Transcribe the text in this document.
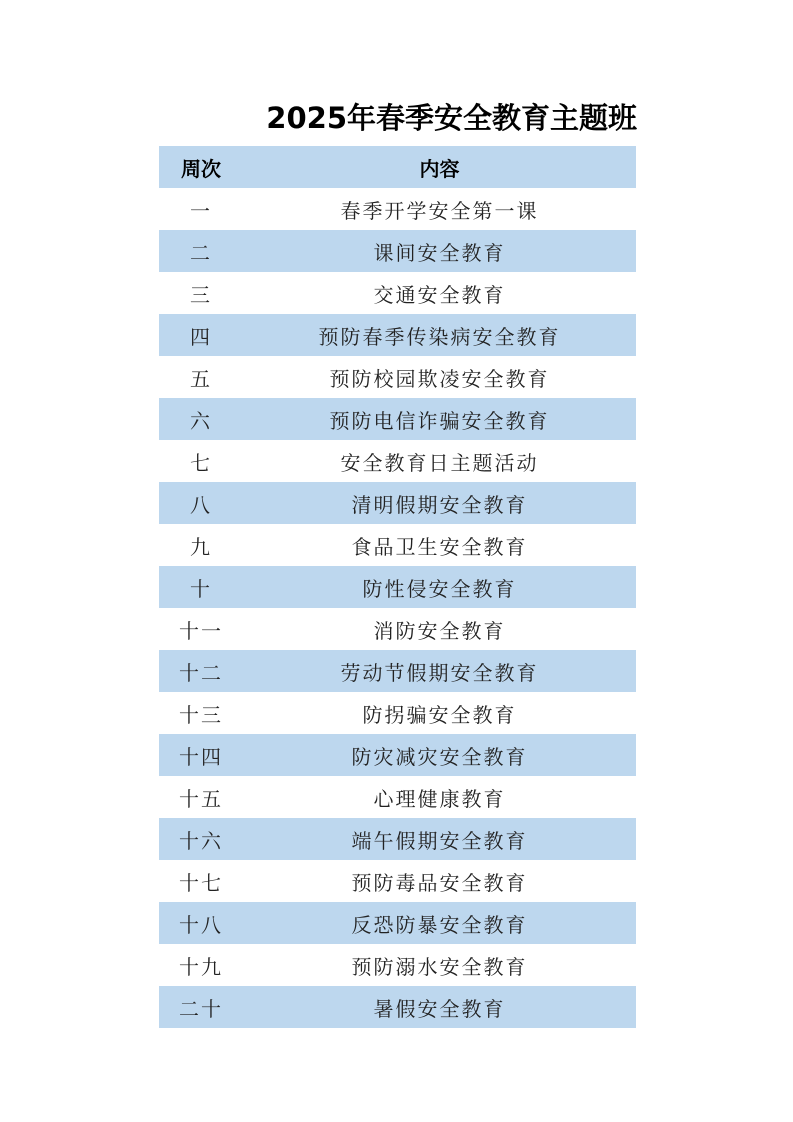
2025年春季安全教育主题班
周次	内容
一	春季开学安全第一课
二	课间安全教育
三	交通安全教育
四	预防春季传染病安全教育
五	预防校园欺凌安全教育
六	预防电信诈骗安全教育
七	安全教育日主题活动
八	清明假期安全教育
九	食品卫生安全教育
十	防性侵安全教育
十一	消防安全教育
十二	劳动节假期安全教育
十三	防拐骗安全教育
十四	防灾减灾安全教育
十五	心理健康教育
十六	端午假期安全教育
十七	预防毒品安全教育
十八	反恐防暴安全教育
十九	预防溺水安全教育
二十	暑假安全教育
